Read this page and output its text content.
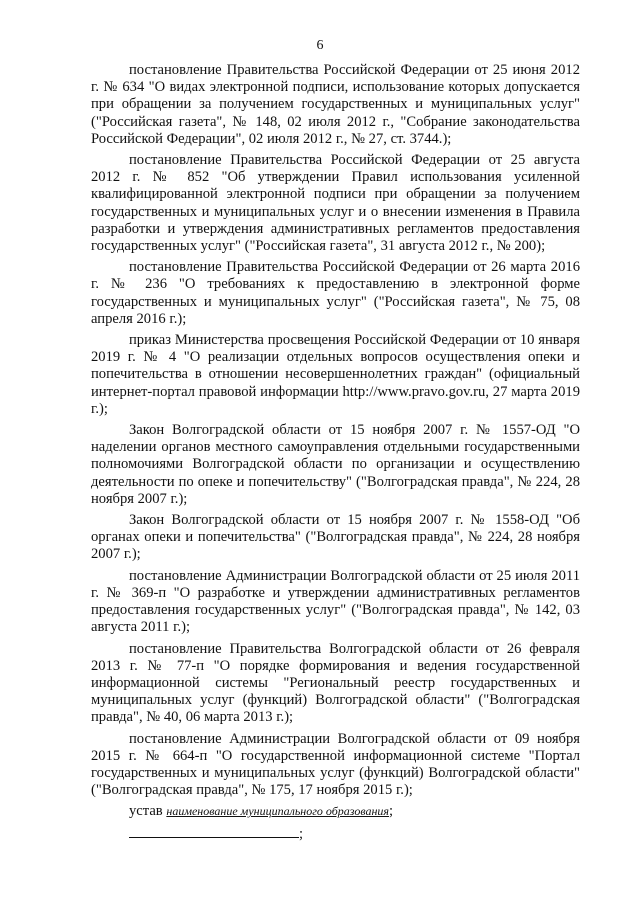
6

постановление Правительства Российской Федерации от 25 июня 2012 г. № 634 "О видах электронной подписи, использование которых допускается при обращении за получением государственных и муниципальных услуг" ("Российская газета", № 148, 02 июля 2012 г., "Собрание законодательства Российской Федерации", 02 июля 2012 г., № 27, ст. 3744.);

постановление Правительства Российской Федерации от 25 августа 2012 г. № 852 "Об утверждении Правил использования усиленной квалифицированной электронной подписи при обращении за получением государственных и муниципальных услуг и о внесении изменения в Правила разработки и утверждения административных регламентов предоставления государственных услуг" ("Российская газета", 31 августа 2012 г., № 200);

постановление Правительства Российской Федерации от 26 марта 2016 г. № 236 "О требованиях к предоставлению в электронной форме государственных и муниципальных услуг" ("Российская газета", № 75, 08 апреля 2016 г.);

приказ Министерства просвещения Российской Федерации от 10 января 2019 г. № 4 "О реализации отдельных вопросов осуществления опеки и попечительства в отношении несовершеннолетних граждан" (официальный интернет-портал правовой информации http://www.pravo.gov.ru, 27 марта 2019 г.);

Закон Волгоградской области от 15 ноября 2007 г. № 1557-ОД "О наделении органов местного самоуправления отдельными государственными полномочиями Волгоградской области по организации и осуществлению деятельности по опеке и попечительству" ("Волгоградская правда", № 224, 28 ноября 2007 г.);

Закон Волгоградской области от 15 ноября 2007 г. № 1558-ОД "Об органах опеки и попечительства" ("Волгоградская правда", № 224, 28 ноября 2007 г.);

постановление Администрации Волгоградской области от 25 июля 2011 г. № 369-п "О разработке и утверждении административных регламентов предоставления государственных услуг" ("Волгоградская правда", № 142, 03 августа 2011 г.);

постановление Правительства Волгоградской области от 26 февраля 2013 г. № 77-п "О порядке формирования и ведения государственной информационной системы "Региональный реестр государственных и муниципальных услуг (функций) Волгоградской области" ("Волгоградская правда", № 40, 06 марта 2013 г.);

постановление Администрации Волгоградской области от 09 ноября 2015 г. № 664-п "О государственной информационной системе "Портал государственных и муниципальных услуг (функций) Волгоградской области" ("Волгоградская правда", № 175, 17 ноября 2015 г.);

устав наименование муниципального образования;

;
